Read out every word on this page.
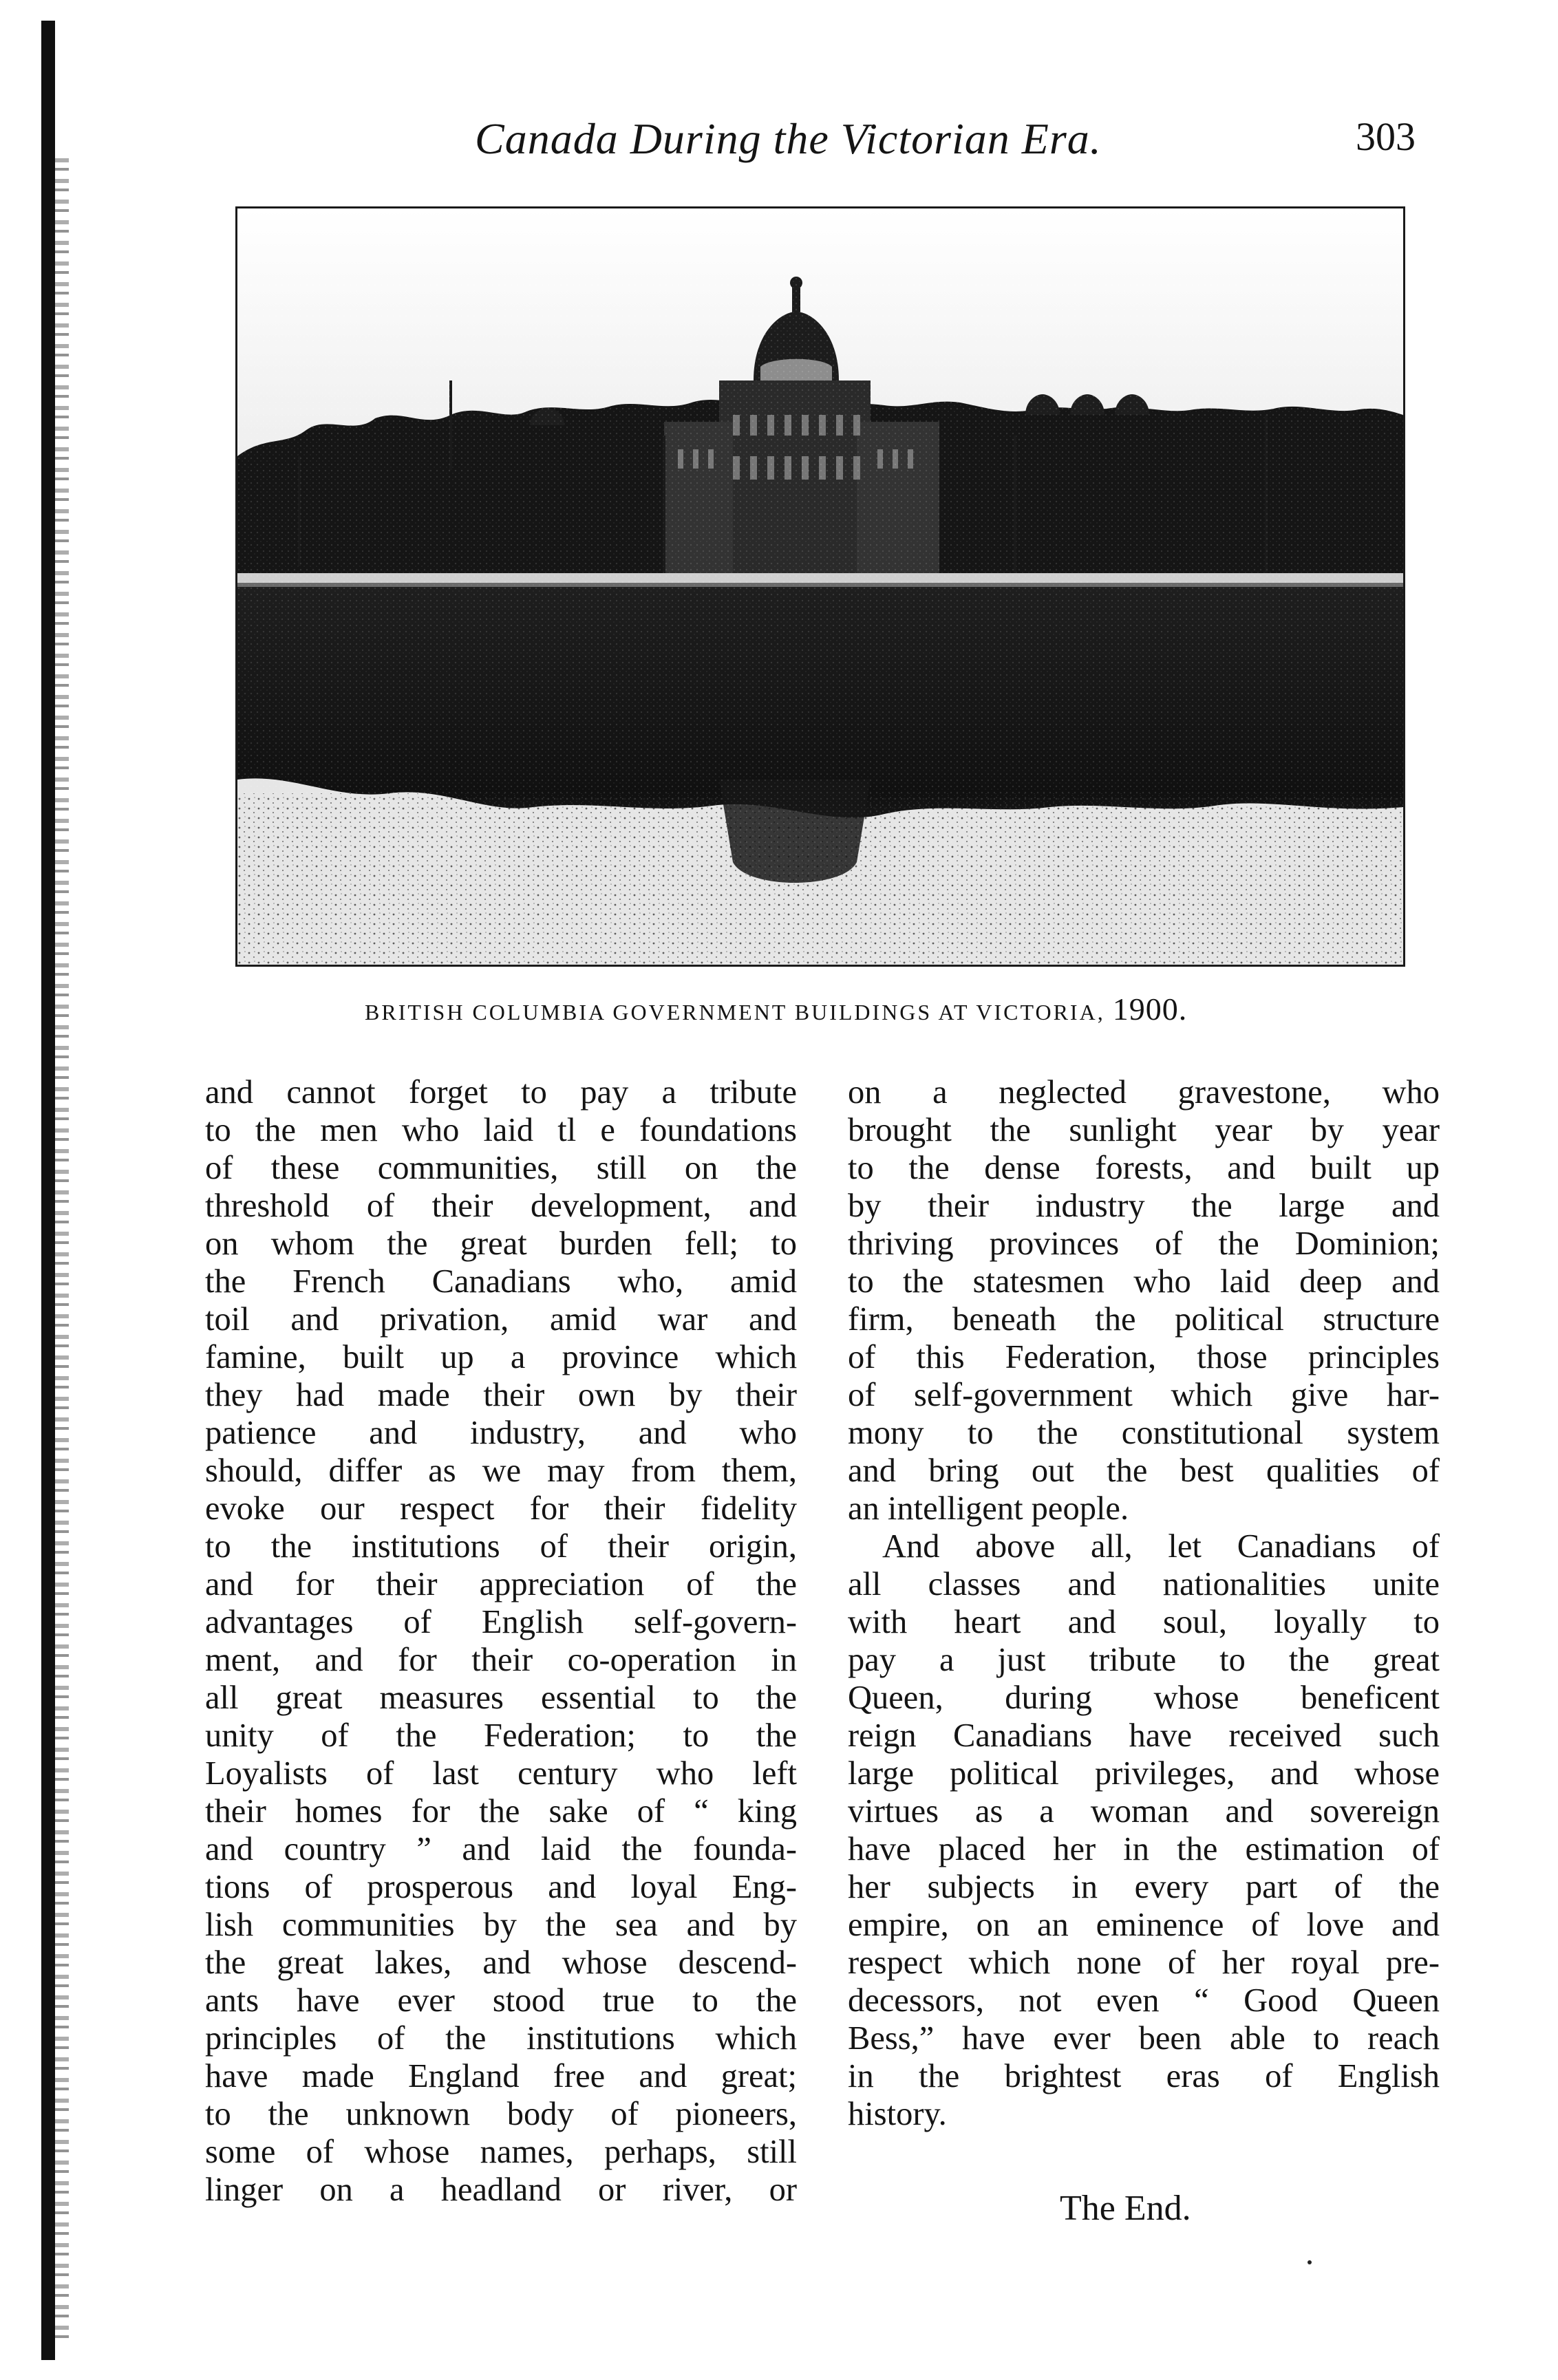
Canada During the Victorian Era.	303
BRITISH COLUMBIA GOVERNMENT BUILDINGS AT VICTORIA, 1900.
and cannot forget to pay a tribute
to the men who laid tl e foundations
of these communities, still on the
threshold of their development, and
on whom the great burden fell; to
the French Canadians who, amid
toil and privation, amid war and
famine, built up a province which
they had made their own by their
patience and industry, and who
should, differ as we may from them,
evoke our respect for their fidelity
to the institutions of their origin,
and for their appreciation of the
advantages of English self-govern-
ment, and for their co-operation in
all great measures essential to the
unity of the Federation; to the
Loyalists of last century who left
their homes for the sake of “ king
and country ” and laid the founda-
tions of prosperous and loyal Eng-
lish communities by the sea and by
the great lakes, and whose descend-
ants have ever stood true to the
principles of the institutions which
have made England free and great;
to the unknown body of pioneers,
some of whose names, perhaps, still
linger on a headland or river, or
on a neglected gravestone, who
brought the sunlight year by year
to the dense forests, and built up
by their industry the large and
thriving provinces of the Dominion;
to the statesmen who laid deep and
firm, beneath the political structure
of this Federation, those principles
of self-government which give har-
mony to the constitutional system
and bring out the best qualities of
an intelligent people.
And above all, let Canadians of
all classes and nationalities unite
with heart and soul, loyally to
pay a just tribute to the great
Queen, during whose beneficent
reign Canadians have received such
large political privileges, and whose
virtues as a woman and sovereign
have placed her in the estimation of
her subjects in every part of the
empire, on an eminence of love and
respect which none of her royal pre-
decessors, not even “ Good Queen
Bess,” have ever been able to reach
in the brightest eras of English
history.
The End.
